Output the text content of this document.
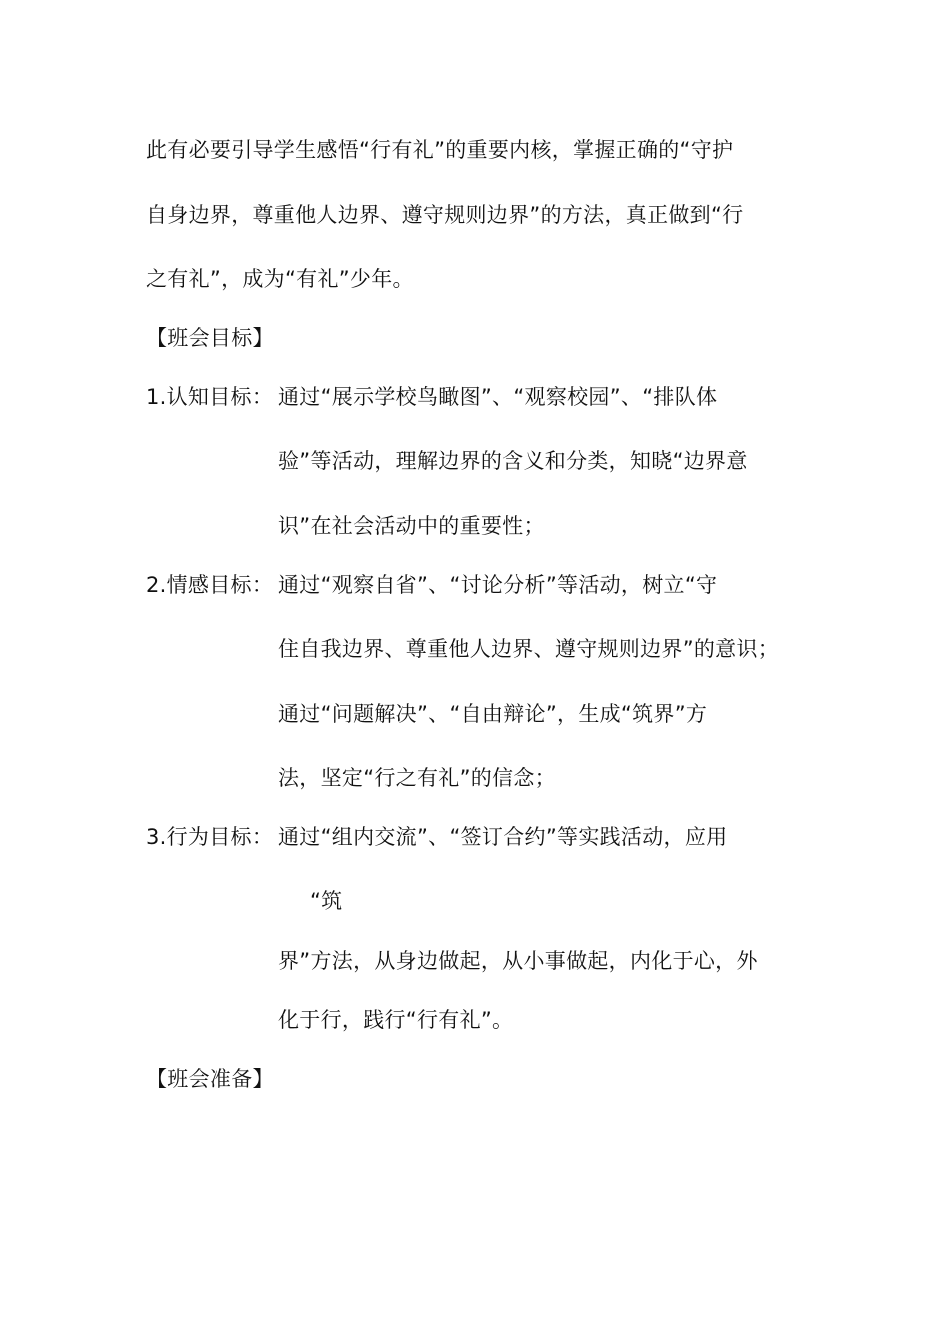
此有必要引导学生感悟“行有礼”的重要内核，掌握正确的“守护
自身边界，尊重他人边界、遵守规则边界”的方法，真正做到“行
之有礼”，成为“有礼”少年。
【班会目标】
1.认知目标： 通过“展示学校鸟瞰图”、“观察校园”、“排队体
验”等活动，理解边界的含义和分类，知晓“边界意
识”在社会活动中的重要性；
2.情感目标： 通过“观察自省”、“讨论分析”等活动，树立“守
住自我边界、尊重他人边界、遵守规则边界”的意识；
通过“问题解决”、“自由辩论”，生成“筑界”方
法，坚定“行之有礼”的信念；
3.行为目标： 通过“组内交流”、“签订合约”等实践活动，应用
“筑
界”方法，从身边做起，从小事做起，内化于心，外
化于行，践行“行有礼”。
【班会准备】
